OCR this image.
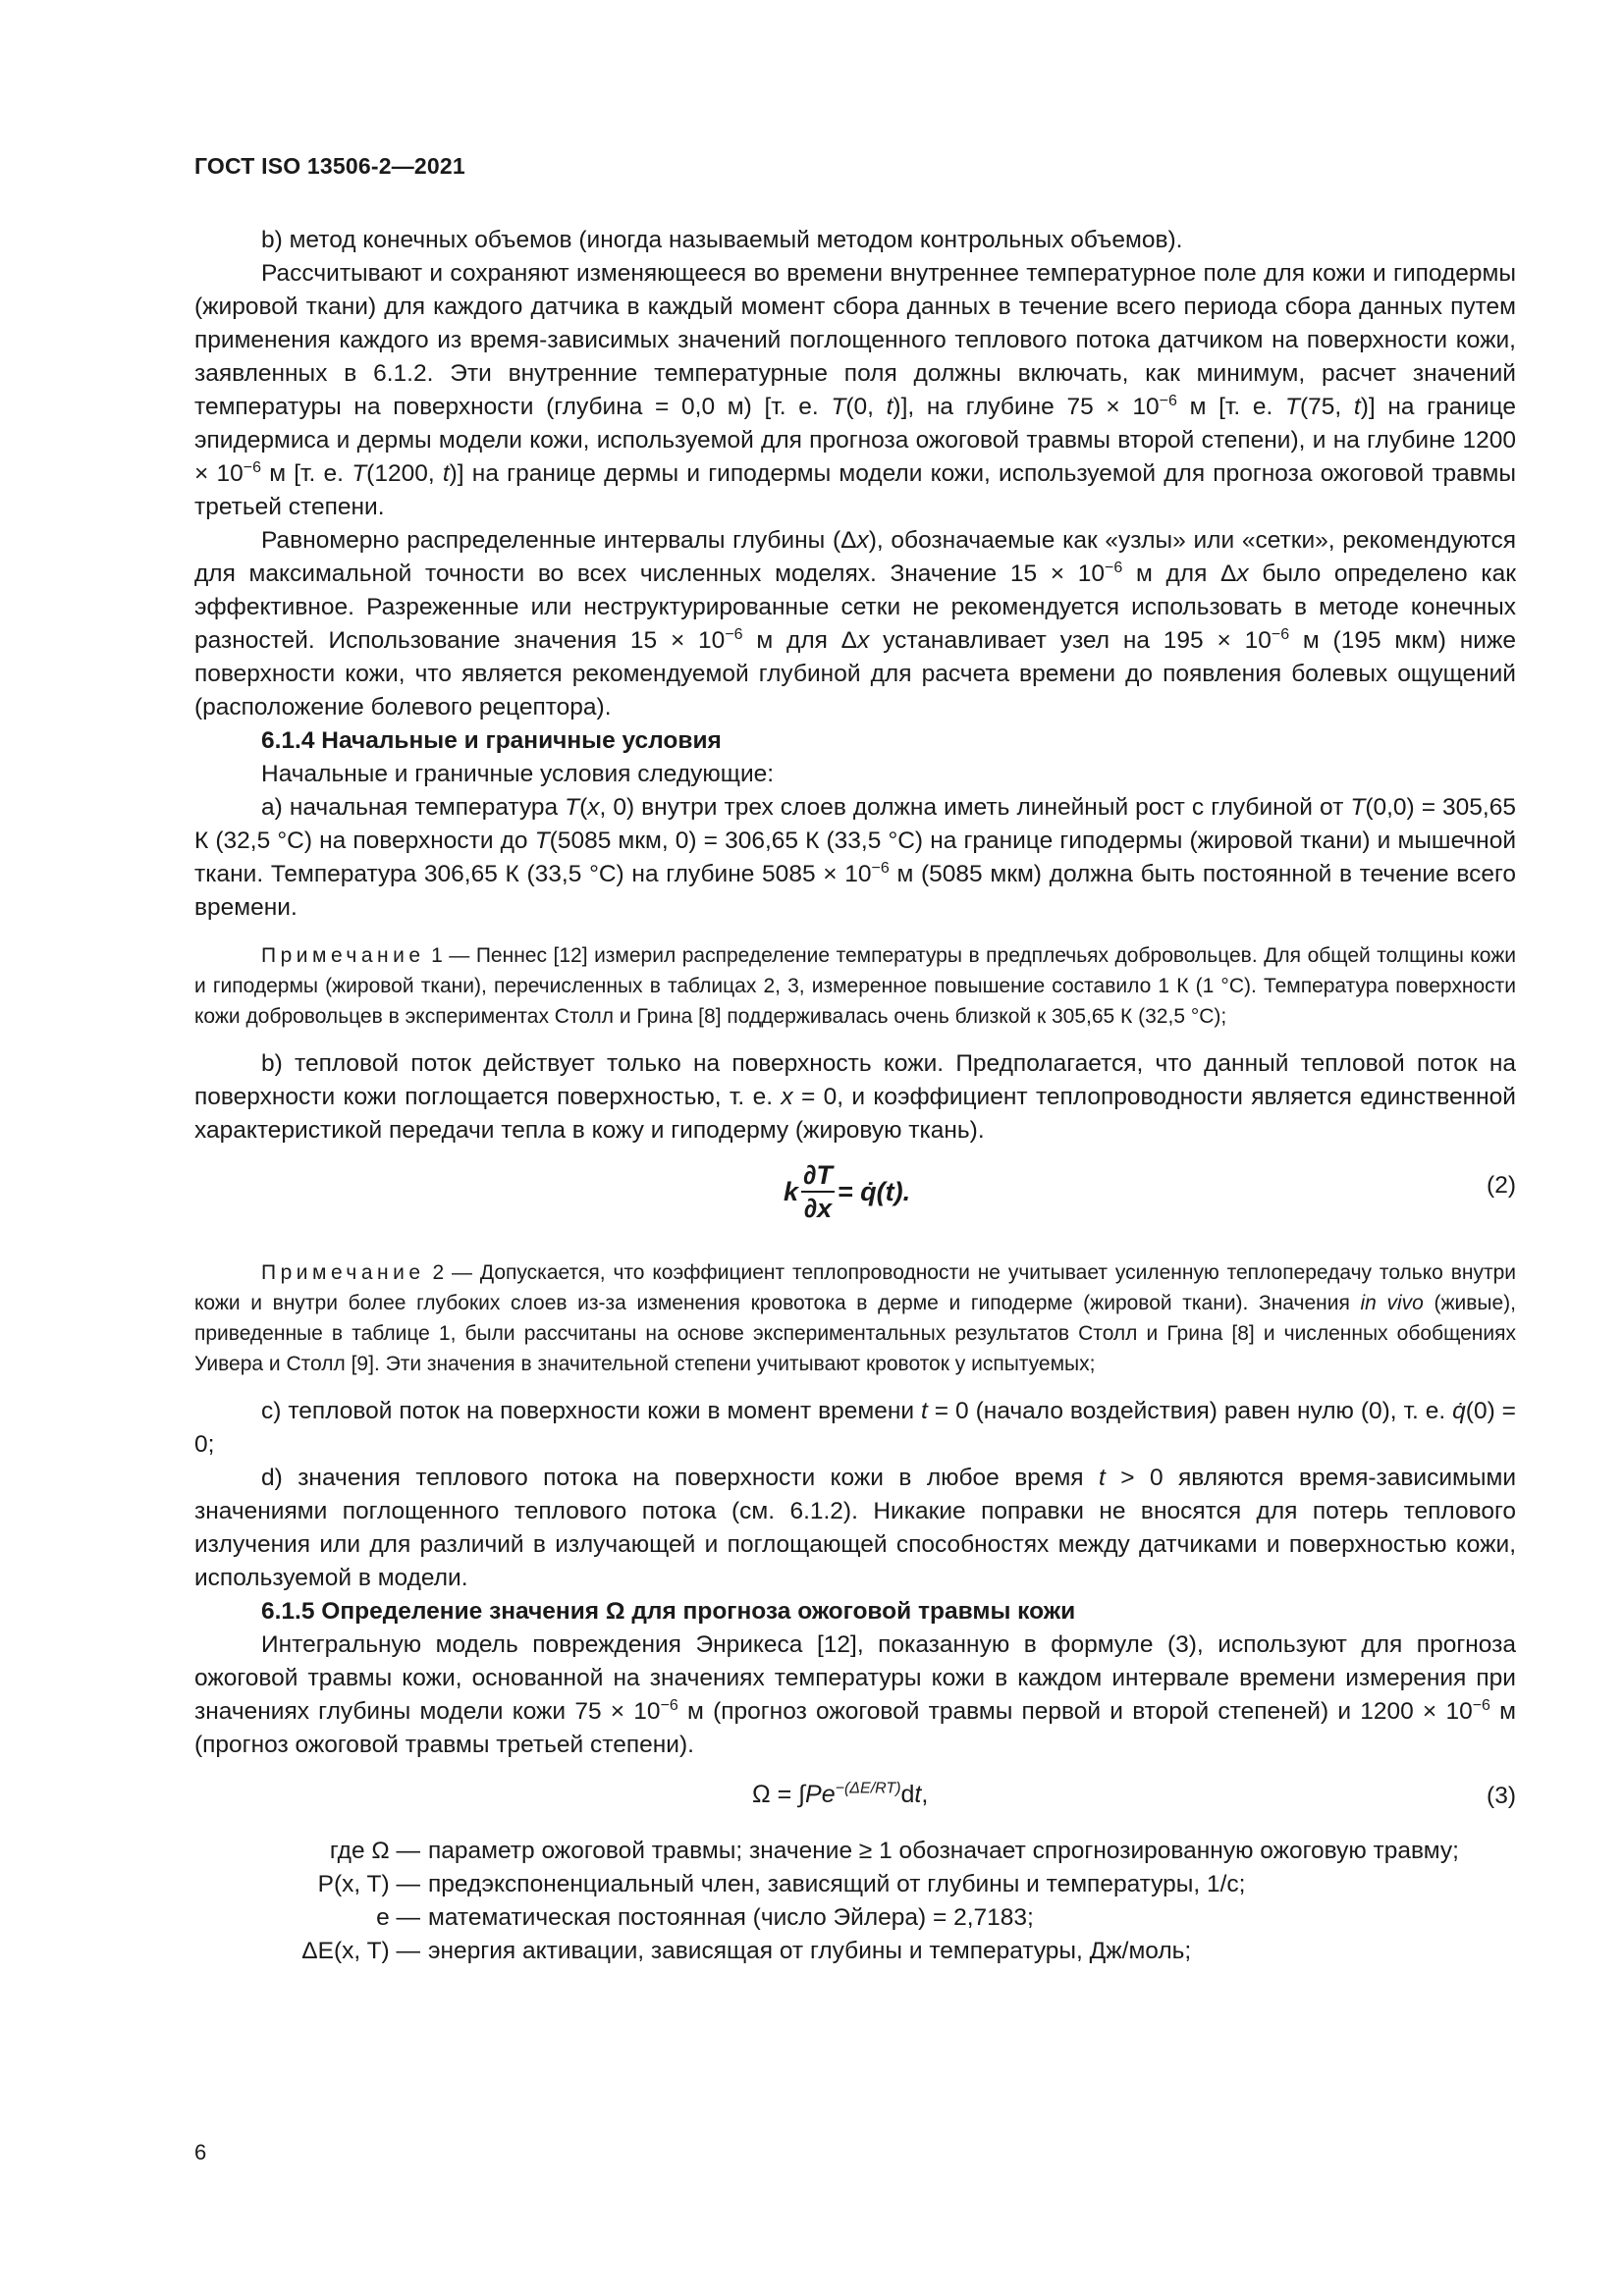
ГОСТ ISO 13506-2—2021

b) метод конечных объемов (иногда называемый методом контрольных объемов).

Рассчитывают и сохраняют изменяющееся во времени внутреннее температурное поле для кожи и гиподермы (жировой ткани) для каждого датчика в каждый момент сбора данных в течение всего периода сбора данных путем применения каждого из время-зависимых значений поглощенного теплового потока датчиком на поверхности кожи, заявленных в 6.1.2. Эти внутренние температурные поля должны включать, как минимум, расчет значений температуры на поверхности (глубина = 0,0 м) [т. е. T(0, t)], на глубине $75 \times 10^{-6}$ м [т. е. T(75, t)] на границе эпидермиса и дермы модели кожи, используемой для прогноза ожоговой травмы второй степени), и на глубине $1200 \times 10^{-6}$ м [т. е. T(1200, t)] на границе дермы и гиподермы модели кожи, используемой для прогноза ожоговой травмы третьей степени.

Равномерно распределенные интервалы глубины (Δx), обозначаемые как «узлы» или «сетки», рекомендуются для максимальной точности во всех численных моделях. Значение $15 \times 10^{-6}$ м для Δx было определено как эффективное. Разреженные или неструктурированные сетки не рекомендуется использовать в методе конечных разностей. Использование значения $15 \times 10^{-6}$ м для Δx устанавливает узел на $195 \times 10^{-6}$ м (195 мкм) ниже поверхности кожи, что является рекомендуемой глубиной для расчета времени до появления болевых ощущений (расположение болевого рецептора).

6.1.4 Начальные и граничные условия

Начальные и граничные условия следующие:

а) начальная температура T(x, 0) внутри трех слоев должна иметь линейный рост с глубиной от T(0,0) = 305,65 К (32,5 °С) на поверхности до T(5085 мкм, 0) = 306,65 К (33,5 °С) на границе гиподермы (жировой ткани) и мышечной ткани. Температура 306,65 К (33,5 °С) на глубине $5085 \times 10^{-6}$ м (5085 мкм) должна быть постоянной в течение всего времени.

Примечание 1 — Пеннес [12] измерил распределение температуры в предплечьях добровольцев. Для общей толщины кожи и гиподермы (жировой ткани), перечисленных в таблицах 2, 3, измеренное повышение составило 1 К (1 °С). Температура поверхности кожи добровольцев в экспериментах Столл и Грина [8] поддерживалась очень близкой к 305,65 К (32,5 °С);

b) тепловой поток действует только на поверхность кожи. Предполагается, что данный тепловой поток на поверхности кожи поглощается поверхностью, т. е. x = 0, и коэффициент теплопроводности является единственной характеристикой передачи тепла в кожу и гиподерму (жировую ткань).

k $\frac{\partial T}{\partial x}$ = q̇(t).	(2)

Примечание 2 — Допускается, что коэффициент теплопроводности не учитывает усиленную теплопередачу только внутри кожи и внутри более глубоких слоев из-за изменения кровотока в дерме и гиподерме (жировой ткани). Значения in vivo (живые), приведенные в таблице 1, были рассчитаны на основе экспериментальных результатов Столл и Грина [8] и численных обобщениях Уивера и Столл [9]. Эти значения в значительной степени учитывают кровоток у испытуемых;

с) тепловой поток на поверхности кожи в момент времени t = 0 (начало воздействия) равен нулю (0), т. е. q̇(0) = 0;

d) значения теплового потока на поверхности кожи в любое время t > 0 являются время-зависимыми значениями поглощенного теплового потока (см. 6.1.2). Никакие поправки не вносятся для потерь теплового излучения или для различий в излучающей и поглощающей способностях между датчиками и поверхностью кожи, используемой в модели.

6.1.5 Определение значения Ω для прогноза ожоговой травмы кожи

Интегральную модель повреждения Энрикеса [12], показанную в формуле (3), используют для прогноза ожоговой травмы кожи, основанной на значениях температуры кожи в каждом интервале времени измерения при значениях глубины модели кожи $75 \times 10^{-6}$ м (прогноз ожоговой травмы первой и второй степеней) и $1200 \times 10^{-6}$ м (прогноз ожоговой травмы третьей степени).

$\Omega = \int Pe^{-(\Delta E/RT)}dt$,	(3)
где Ω — параметр ожоговой травмы; значение ≥ 1 обозначает спрогнозированную ожоговую травму;
P(x, T) — предэкспоненциальный член, зависящий от глубины и температуры, 1/с;
e — математическая постоянная (число Эйлера) = 2,7183;
ΔE(x, T) — энергия активации, зависящая от глубины и температуры, Дж/моль;
6
